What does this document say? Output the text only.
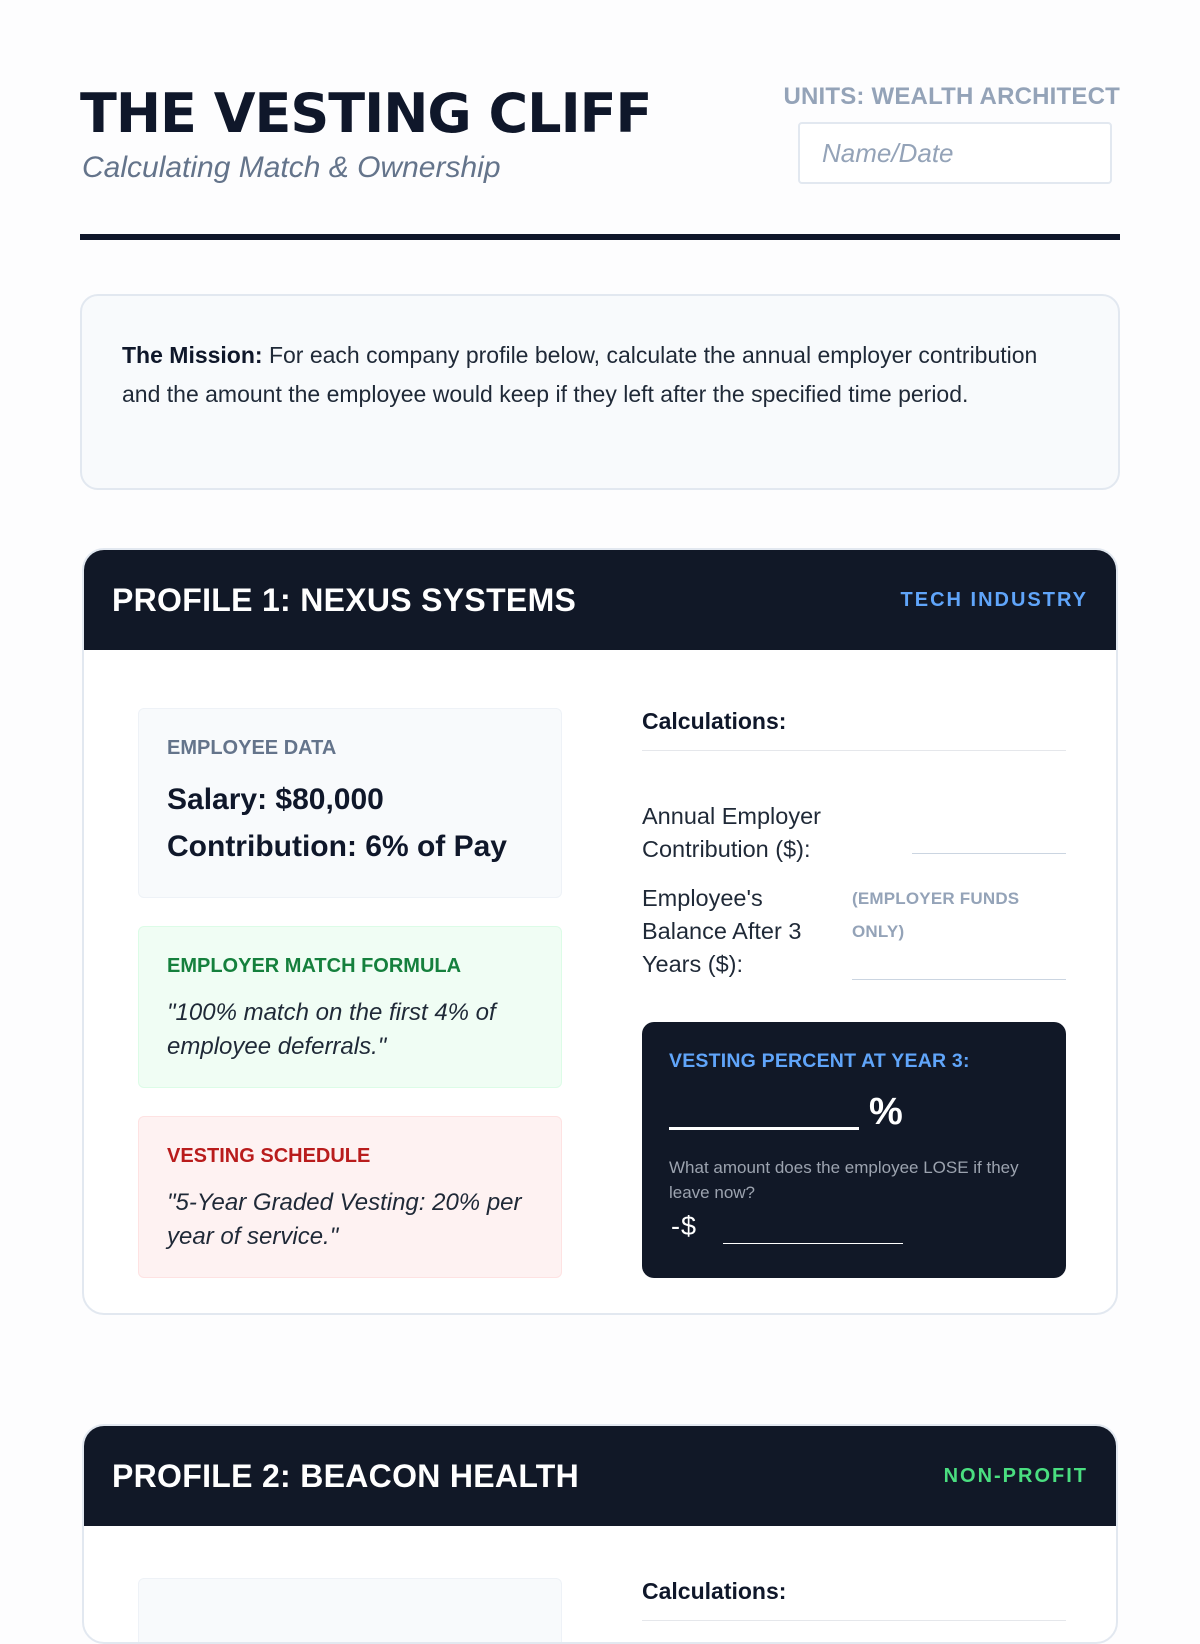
THE VESTING CLIFF
Calculating Match & Ownership
UNITS: WEALTH ARCHITECT
Name/Date
The Mission: For each company profile below, calculate the annual employer contribution and the amount the employee would keep if they left after the specified time period.
PROFILE 1: NEXUS SYSTEMS	TECH INDUSTRY
EMPLOYEE DATA
Salary: $80,000
Contribution: 6% of Pay
EMPLOYER MATCH FORMULA
"100% match on the first 4% of employee deferrals."
VESTING SCHEDULE
"5-Year Graded Vesting: 20% per year of service."
Calculations:
Annual Employer Contribution ($):
Employee's Balance After 3 Years ($):
(EMPLOYER FUNDS ONLY)
VESTING PERCENT AT YEAR 3:
%
What amount does the employee LOSE if they leave now?
-$
PROFILE 2: BEACON HEALTH	NON-PROFIT
Calculations:
